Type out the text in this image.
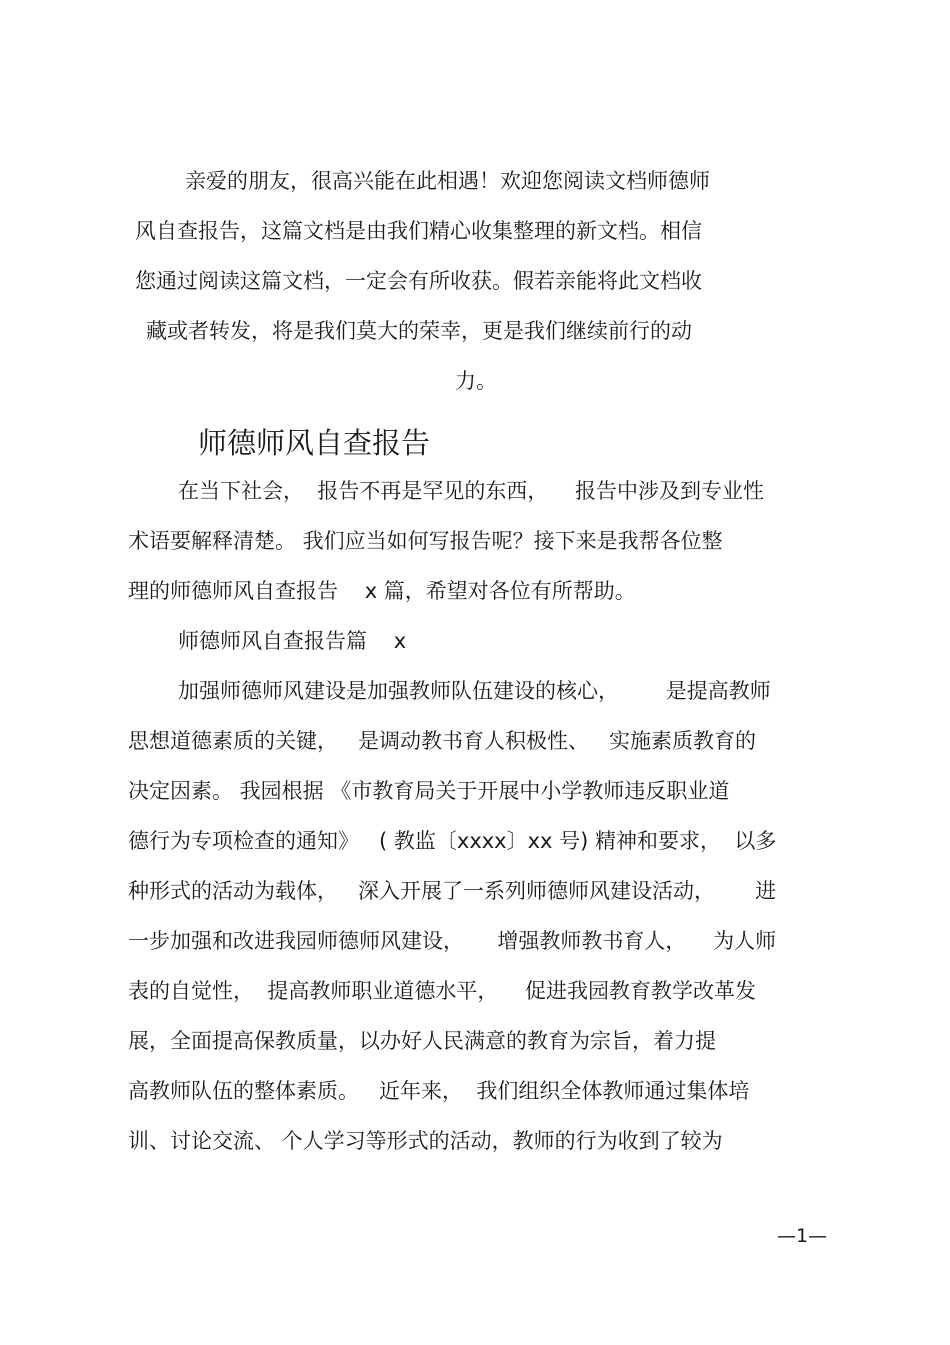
亲爱的朋友，很高兴能在此相遇！欢迎您阅读文档师德师
风自查报告，这篇文档是由我们精心收集整理的新文档。相信
您通过阅读这篇文档，一定会有所收获。假若亲能将此文档收
藏或者转发，将是我们莫大的荣幸，更是我们继续前行的动
力。
师德师风自查报告
在当下社会，  报告不再是罕见的东西，    报告中涉及到专业性
术语要解释清楚。 我们应当如何写报告呢？接下来是我帮各位整
理的师德师风自查报告    x 篇，希望对各位有所帮助。
师德师风自查报告篇    x
加强师德师风建设是加强教师队伍建设的核心，       是提高教师
思想道德素质的关键，   是调动教书育人积极性、   实施素质教育的
决定因素。 我园根据 《市教育局关于开展中小学教师违反职业道
德行为专项检查的通知》   ( 教监〔xxxx〕xx 号) 精神和要求，  以多
种形式的活动为载体，   深入开展了一系列师德师风建设活动，      进
一步加强和改进我园师德师风建设，     增强教师教书育人，    为人师
表的自觉性，  提高教师职业道德水平，    促进我园教育教学改革发
展，全面提高保教质量，以办好人民满意的教育为宗旨，着力提
高教师队伍的整体素质。   近年来，  我们组织全体教师通过集体培
训、讨论交流、 个人学习等形式的活动，教师的行为收到了较为
—1—
